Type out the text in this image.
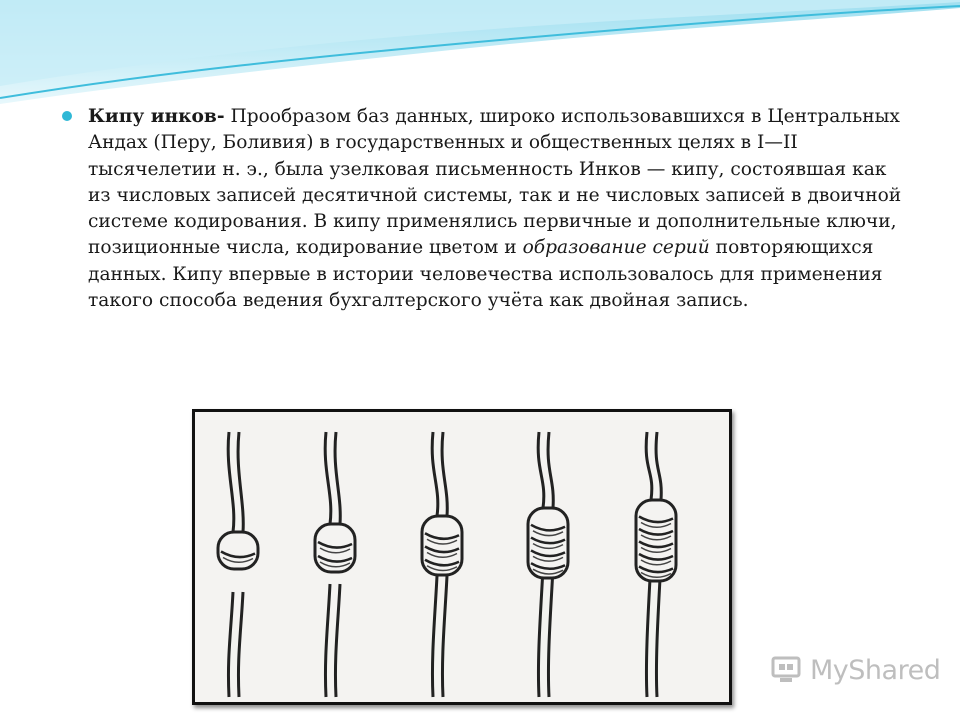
Кипу инков- Прообразом баз данных, широко использовавшихся в Центральных Андах (Перу, Боливия) в государственных и общественных целях в I—II тысячелетии н. э., была узелковая письменность Инков — кипу, состоявшая как из числовых записей десятичной системы, так и не числовых записей в двоичной системе кодирования. В кипу применялись первичные и дополнительные ключи, позиционные числа, кодирование цветом и образование серий повторяющихся данных. Кипу впервые в истории человечества использовалось для применения такого способа ведения бухгалтерского учёта как двойная запись.

MyShared
